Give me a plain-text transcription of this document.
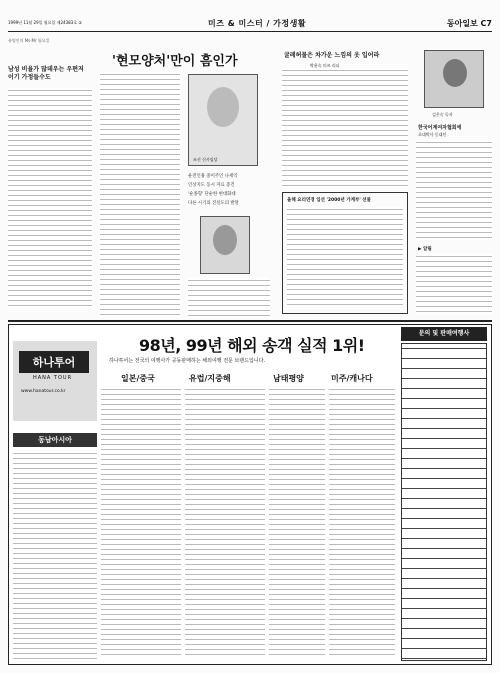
1999년 11월 29일 월요일 제24383호 ②	미즈 & 미스터 / 가정생활	동아일보 C7
유명인의 Ms·Mr 월요일
남성 비율가 많데우는 우편저이기 가정들수도
'현모양처'만이 흠인가
조선 신사임당
운전인용 중이주인 나세익
인상지도 동시 자료 증건
'순종형' 단순한 현대화대
다른 시기의 진실도의 발달
굴레허물은 차가운 느낌의 옷 입어라
박윤숙 미즈 리더
올해 요리연경 입선 '2000년 가계부' 선물
김은숙 독자
한국어계여자협회에
초대박사 동대인
▶ 알림
98년, 99년 해외 송객 실적 1위!
하나투어는 전국의 여행사가 공동판매하는 해외여행 전문 브랜드입니다.
하나투어
HANA TOUR
www.hanatour.co.kr
일본/중국	유럽/지중해	남태평양	미주/캐나다
동남아시아
문의 및 판매여행사
